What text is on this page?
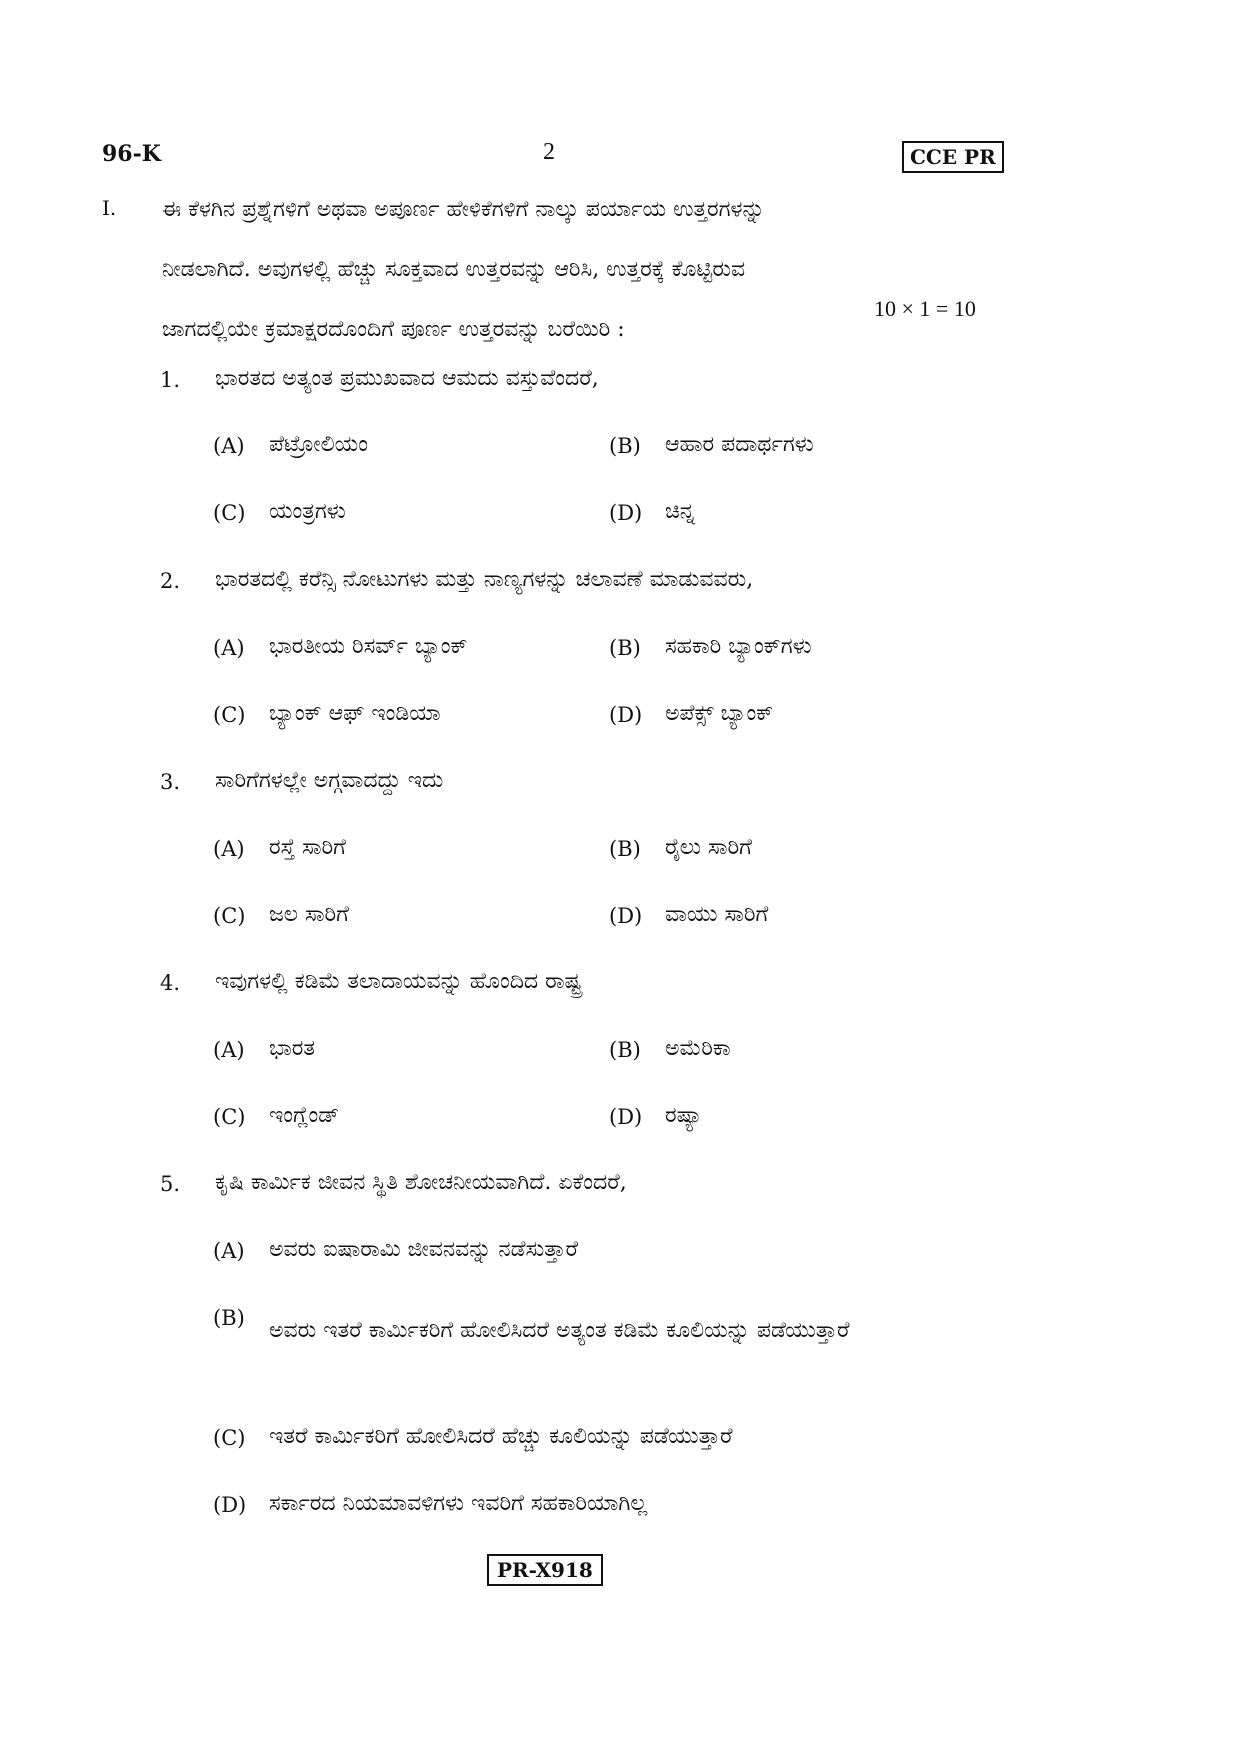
96-K	2	CCE PR
I. ಈ ಕೆಳಗಿನ ಪ್ರಶ್ನೆಗಳಿಗೆ ಅಥವಾ ಅಪೂರ್ಣ ಹೇಳಿಕೆಗಳಿಗೆ ನಾಲ್ಕು ಪರ್ಯಾಯ ಉತ್ತರಗಳನ್ನು
ನೀಡಲಾಗಿದೆ. ಅವುಗಳಲ್ಲಿ ಹೆಚ್ಚು ಸೂಕ್ತವಾದ ಉತ್ತರವನ್ನು ಆರಿಸಿ, ಉತ್ತರಕ್ಕೆ ಕೊಟ್ಟಿರುವ
ಜಾಗದಲ್ಲಿಯೇ ಕ್ರಮಾಕ್ಷರದೊಂದಿಗೆ ಪೂರ್ಣ ಉತ್ತರವನ್ನು ಬರೆಯಿರಿ :
10 × 1 = 10
1. ಭಾರತದ ಅತ್ಯಂತ ಪ್ರಮುಖವಾದ ಆಮದು ವಸ್ತುವೆಂದರೆ,
(A) ಪೆಟ್ರೋಲಿಯಂ	(B) ಆಹಾರ ಪದಾರ್ಥಗಳು
(C) ಯಂತ್ರಗಳು	(D) ಚಿನ್ನ
2. ಭಾರತದಲ್ಲಿ ಕರೆನ್ಸಿ ನೋಟುಗಳು ಮತ್ತು ನಾಣ್ಯಗಳನ್ನು ಚಲಾವಣೆ ಮಾಡುವವರು,
(A) ಭಾರತೀಯ ರಿಸರ್ವ್ ಬ್ಯಾಂಕ್	(B) ಸಹಕಾರಿ ಬ್ಯಾಂಕ್‌ಗಳು
(C) ಬ್ಯಾಂಕ್ ಆಫ್ ಇಂಡಿಯಾ	(D) ಅಪೆಕ್ಸ್ ಬ್ಯಾಂಕ್
3. ಸಾರಿಗೆಗಳಲ್ಲೇ ಅಗ್ಗವಾದದ್ದು ಇದು
(A) ರಸ್ತೆ ಸಾರಿಗೆ	(B) ರೈಲು ಸಾರಿಗೆ
(C) ಜಲ ಸಾರಿಗೆ	(D) ವಾಯು ಸಾರಿಗೆ
4. ಇವುಗಳಲ್ಲಿ ಕಡಿಮೆ ತಲಾದಾಯವನ್ನು ಹೊಂದಿದ ರಾಷ್ಟ್ರ
(A) ಭಾರತ	(B) ಅಮೆರಿಕಾ
(C) ಇಂಗ್ಲೆಂಡ್	(D) ರಷ್ಯಾ
5. ಕೃಷಿ ಕಾರ್ಮಿಕ ಜೀವನ ಸ್ಥಿತಿ ಶೋಚನೀಯವಾಗಿದೆ. ಏಕೆಂದರೆ,
(A) ಅವರು ಐಷಾರಾಮಿ ಜೀವನವನ್ನು ನಡೆಸುತ್ತಾರೆ
(B) ಅವರು ಇತರೆ ಕಾರ್ಮಿಕರಿಗೆ ಹೋಲಿಸಿದರೆ ಅತ್ಯಂತ ಕಡಿಮೆ ಕೂಲಿಯನ್ನು ಪಡೆಯುತ್ತಾರೆ
(C) ಇತರೆ ಕಾರ್ಮಿಕರಿಗೆ ಹೋಲಿಸಿದರೆ ಹೆಚ್ಚು ಕೂಲಿಯನ್ನು ಪಡೆಯುತ್ತಾರೆ
(D) ಸರ್ಕಾರದ ನಿಯಮಾವಳಿಗಳು ಇವರಿಗೆ ಸಹಕಾರಿಯಾಗಿಲ್ಲ
PR-X918
